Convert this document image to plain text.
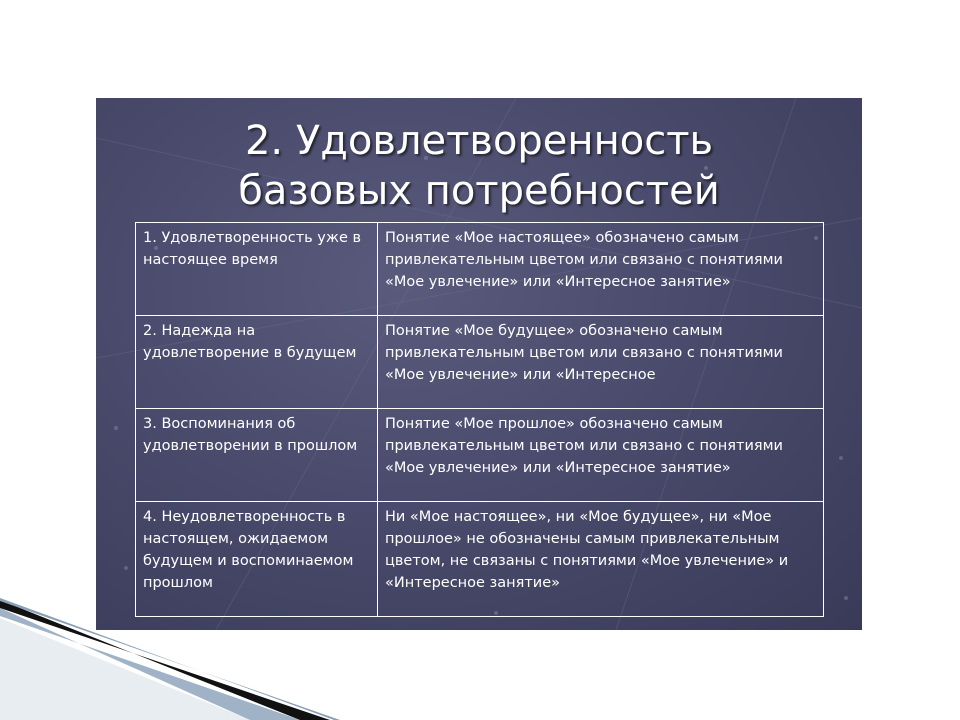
2. Удовлетворенность
базовых потребностей
1. Удовлетворенность уже в настоящее время	Понятие «Мое настоящее» обозначено самым привлекательным цветом или связано с понятиями «Мое увлечение» или «Интересное занятие»
2. Надежда на удовлетворение в будущем	Понятие «Мое будущее» обозначено самым привлекательным цветом или связано с понятиями «Мое увлечение» или «Интересное
3. Воспоминания об удовлетворении в прошлом	Понятие «Мое прошлое» обозначено самым привлекательным цветом или связано с понятиями «Мое увлечение» или «Интересное занятие»
4. Неудовлетворенность в настоящем, ожидаемом будущем и воспоминаемом прошлом	Ни «Мое настоящее», ни «Мое будущее», ни «Мое прошлое» не обозначены самым привлекательным цветом, не связаны с понятиями «Мое увлечение» и «Интересное занятие»
